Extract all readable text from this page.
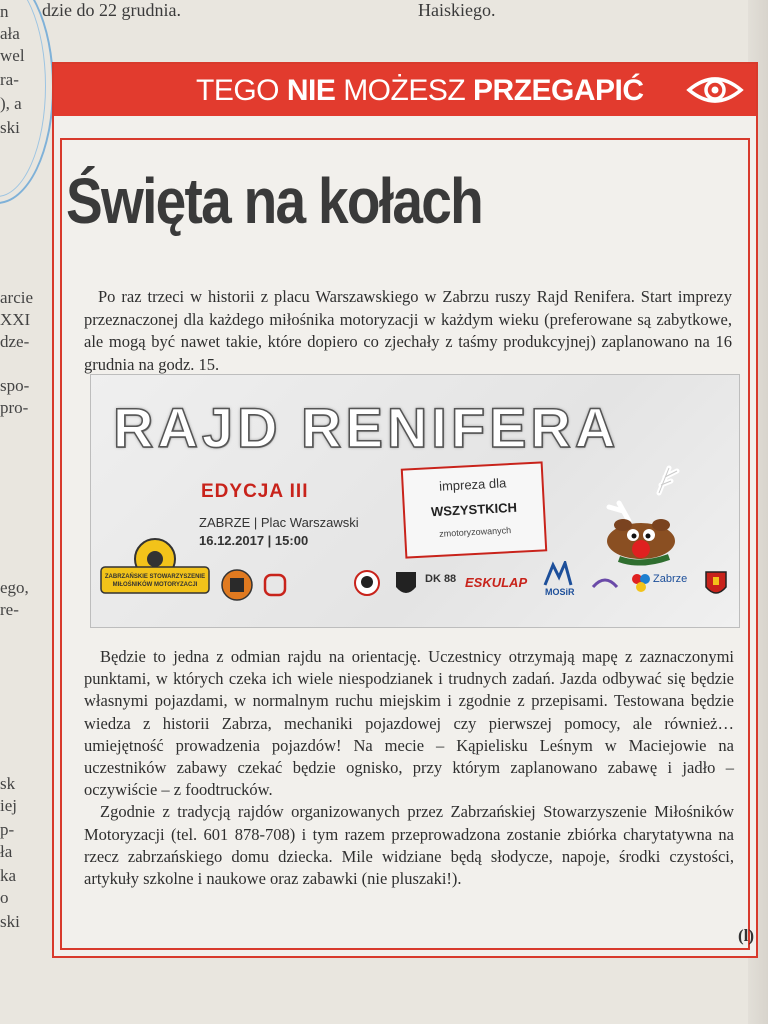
dzie do 22 grudnia.	Haiskiego.
n
ała
wel
ra-
), a
ski
arcie
XXI
dze-
spo-
pro-
ego,
re-
sk
iej
p-
ła
ka
o
ski
TEGO NIE MOŻESZ PRZEGAPIĆ
Święta na kołach
Po raz trzeci w historii z placu Warszawskiego w Zabrzu ruszy Rajd Renifera. Start imprezy przeznaczonej dla każdego miłośnika motoryzacji w każdym wieku (preferowane są zabytkowe, ale mogą być nawet takie, które dopiero co zjechały z taśmy produkcyjnej) zaplanowano na 16 grudnia na godz. 15.
RAJD RENIFERA
EDYCJA III
ZABRZE | Plac Warszawski
16.12.2017 | 15:00
impreza dla
WSZYSTKICH
zmotoryzowanych
ZABRZAŃSKIE STOWARZYSZENIE MIŁOŚNIKÓW MOTORYZACJI	DK 88 ESKULAP
MOSiR
Zabrze

Będzie to jedna z odmian rajdu na orientację. Uczestnicy otrzymają mapę z zaznaczonymi punktami, w których czeka ich wiele niespodzianek i trudnych zadań. Jazda odbywać się będzie własnymi pojazdami, w normalnym ruchu miejskim i zgodnie z przepisami. Testowana będzie wiedza z historii Zabrza, mechaniki pojazdowej czy pierwszej pomocy, ale również… umiejętność prowadzenia pojazdów! Na mecie – Kąpielisku Leśnym w Maciejowie na uczestników zabawy czekać będzie ognisko, przy którym zaplanowano zabawę i jadło – oczywiście – z foodtrucków.

Zgodnie z tradycją rajdów organizowanych przez Zabrzańskiej Stowarzyszenie Miłośników Motoryzacji (tel. 601 878-708) i tym razem przeprowadzona zostanie zbiórka charytatywna na rzecz zabrzańskiego domu dziecka. Mile widziane będą słodycze, napoje, środki czystości, artykuły szkolne i naukowe oraz zabawki (nie pluszaki!).

(l)
